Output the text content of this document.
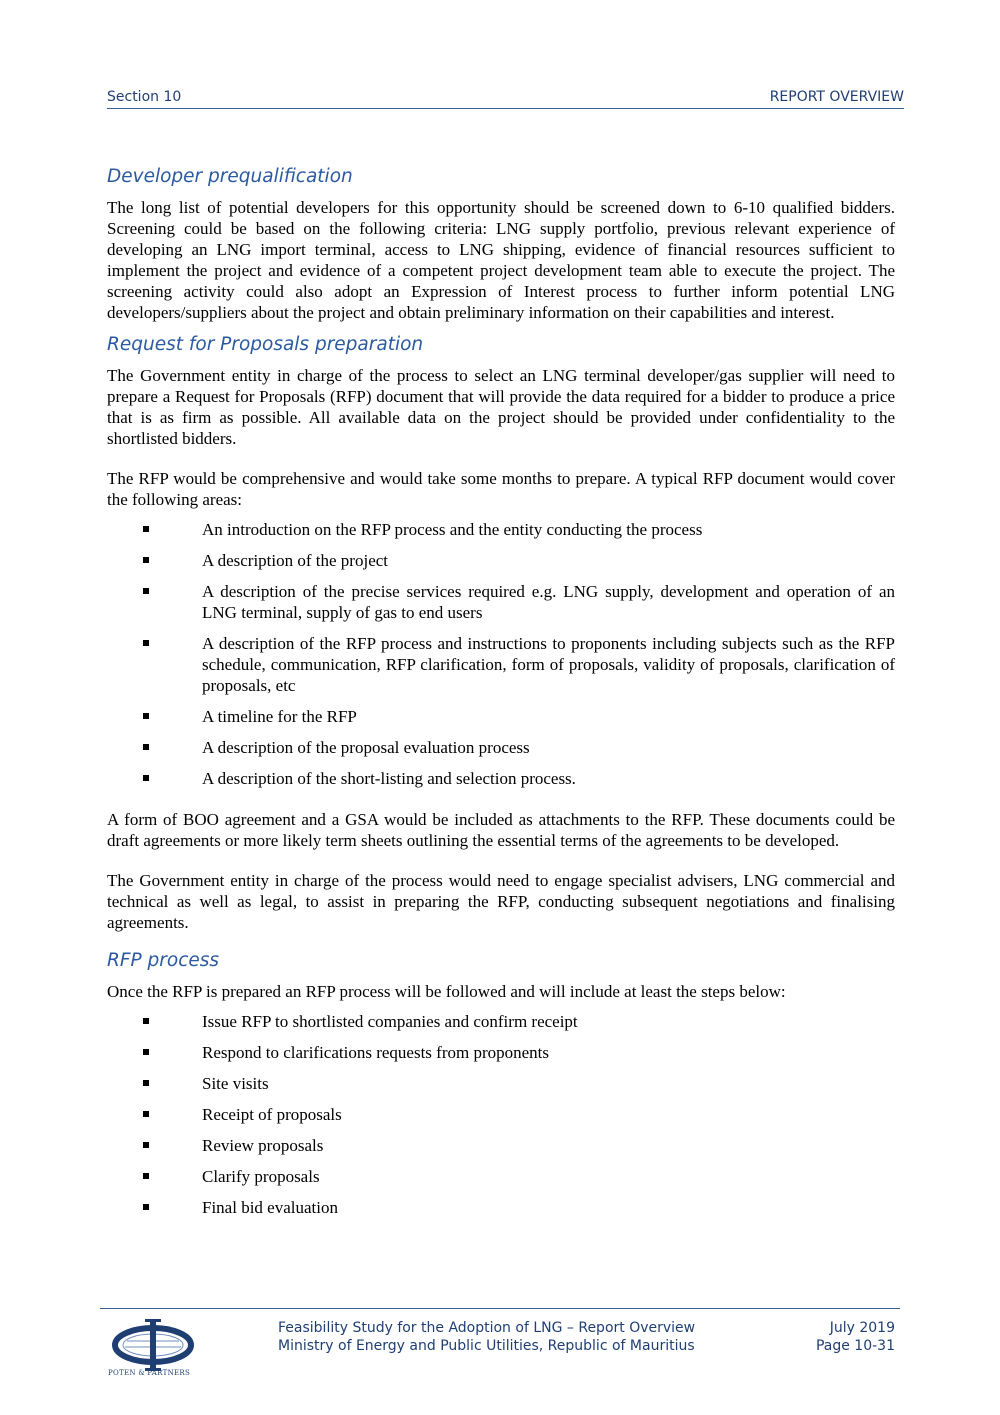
Section 10	REPORT OVERVIEW
Developer prequalification

The long list of potential developers for this opportunity should be screened down to 6-10 qualified bidders. Screening could be based on the following criteria: LNG supply portfolio, previous relevant experience of developing an LNG import terminal, access to LNG shipping, evidence of financial resources sufficient to implement the project and evidence of a competent project development team able to execute the project. The screening activity could also adopt an Expression of Interest process to further inform potential LNG developers/suppliers about the project and obtain preliminary information on their capabilities and interest.

Request for Proposals preparation

The Government entity in charge of the process to select an LNG terminal developer/gas supplier will need to prepare a Request for Proposals (RFP) document that will provide the data required for a bidder to produce a price that is as firm as possible. All available data on the project should be provided under confidentiality to the shortlisted bidders.

The RFP would be comprehensive and would take some months to prepare. A typical RFP document would cover the following areas:

An introduction on the RFP process and the entity conducting the process
A description of the project
A description of the precise services required e.g. LNG supply, development and operation of an LNG terminal, supply of gas to end users
A description of the RFP process and instructions to proponents including subjects such as the RFP schedule, communication, RFP clarification, form of proposals, validity of proposals, clarification of proposals, etc
A timeline for the RFP
A description of the proposal evaluation process
A description of the short-listing and selection process.

A form of BOO agreement and a GSA would be included as attachments to the RFP. These documents could be draft agreements or more likely term sheets outlining the essential terms of the agreements to be developed.

The Government entity in charge of the process would need to engage specialist advisers, LNG commercial and technical as well as legal, to assist in preparing the RFP, conducting subsequent negotiations and finalising agreements.

RFP process

Once the RFP is prepared an RFP process will be followed and will include at least the steps below:

Issue RFP to shortlisted companies and confirm receipt
Respond to clarifications requests from proponents
Site visits
Receipt of proposals
Review proposals
Clarify proposals
Final bid evaluation
POTEN & PARTNERS
Feasibility Study for the Adoption of LNG – Report Overview
Ministry of Energy and Public Utilities, Republic of Mauritius
July 2019
Page 10-31
